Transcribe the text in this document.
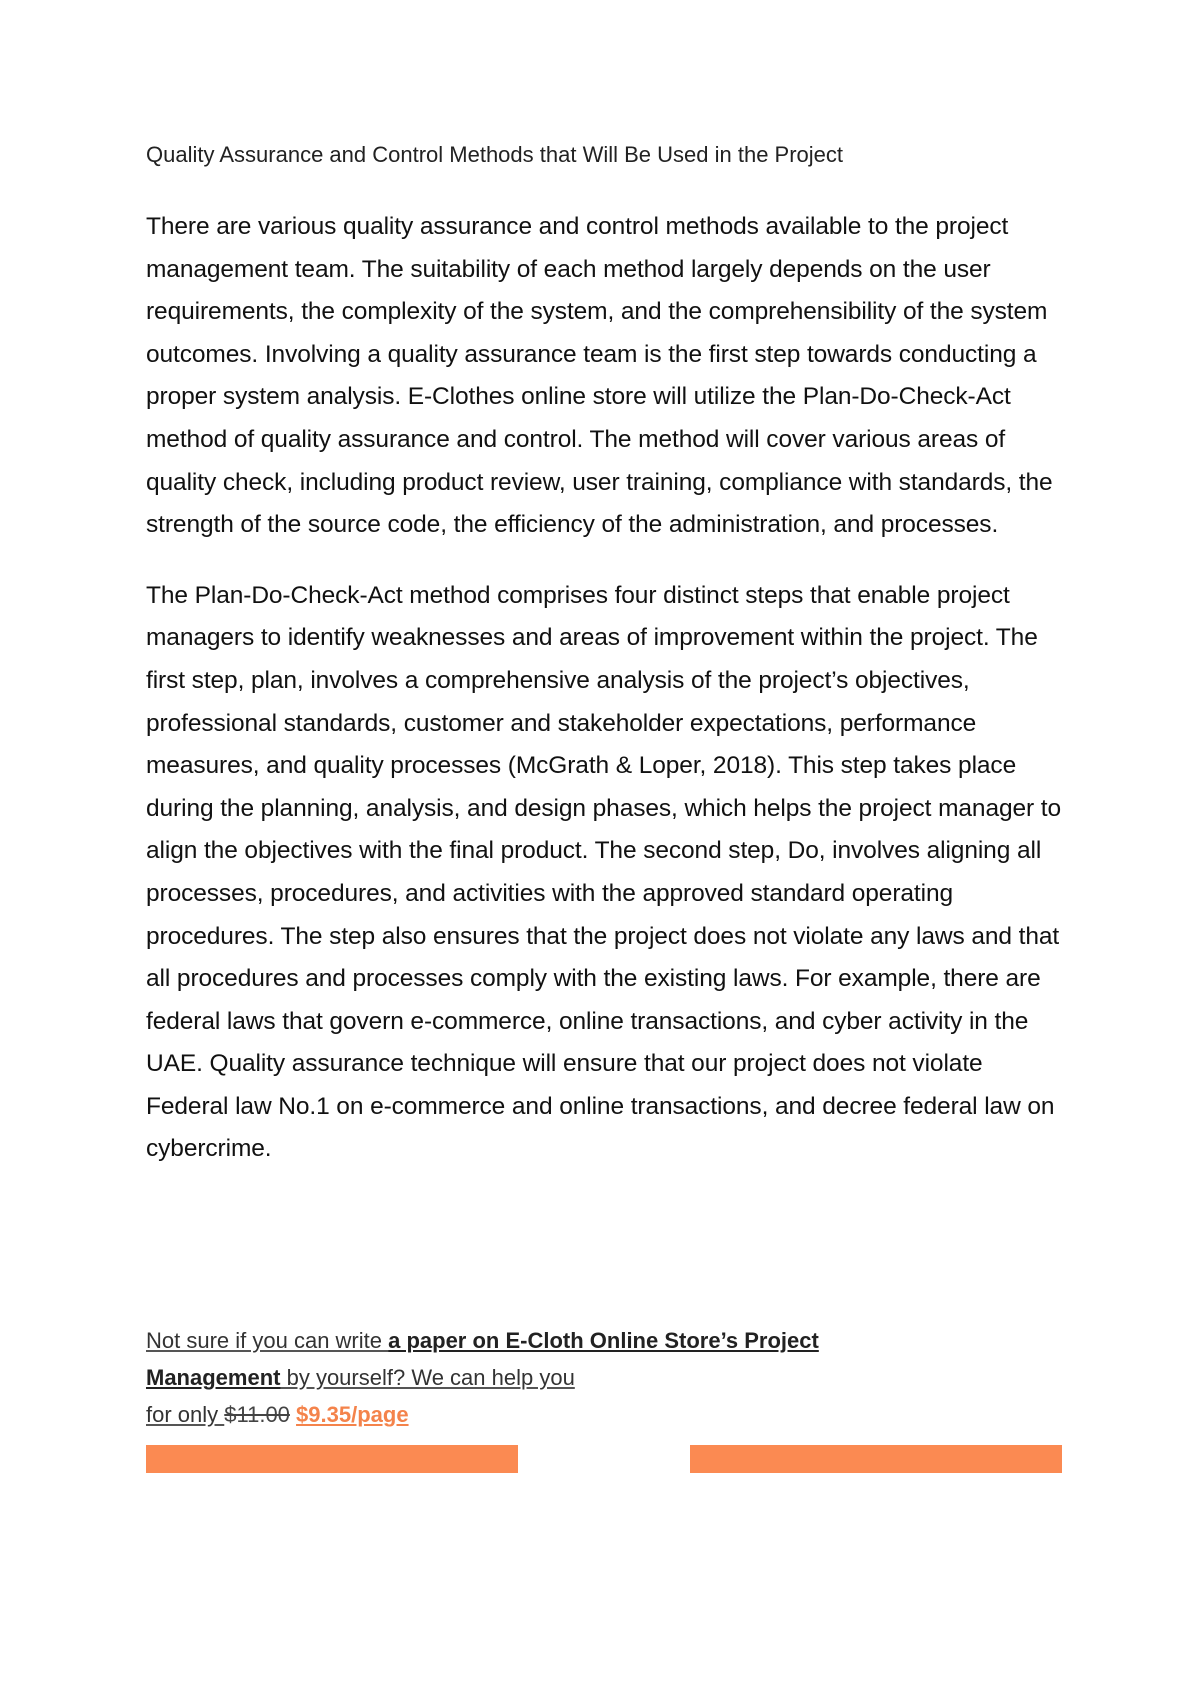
Quality Assurance and Control Methods that Will Be Used in the Project

There are various quality assurance and control methods available to the project management team. The suitability of each method largely depends on the user requirements, the complexity of the system, and the comprehensibility of the system outcomes. Involving a quality assurance team is the first step towards conducting a proper system analysis. E-Clothes online store will utilize the Plan-Do-Check-Act method of quality assurance and control. The method will cover various areas of quality check, including product review, user training, compliance with standards, the strength of the source code, the efficiency of the administration, and processes.

The Plan-Do-Check-Act method comprises four distinct steps that enable project managers to identify weaknesses and areas of improvement within the project. The first step, plan, involves a comprehensive analysis of the project’s objectives, professional standards, customer and stakeholder expectations, performance measures, and quality processes (McGrath & Loper, 2018). This step takes place during the planning, analysis, and design phases, which helps the project manager to align the objectives with the final product. The second step, Do, involves aligning all processes, procedures, and activities with the approved standard operating procedures. The step also ensures that the project does not violate any laws and that all procedures and processes comply with the existing laws. For example, there are federal laws that govern e-commerce, online transactions, and cyber activity in the UAE. Quality assurance technique will ensure that our project does not violate Federal law No.1 on e-commerce and online transactions, and decree federal law on cybercrime.

Not sure if you can write a paper on E-Cloth Online Store’s Project Management by yourself? We can help you
for only $11.00 $9.35/page
